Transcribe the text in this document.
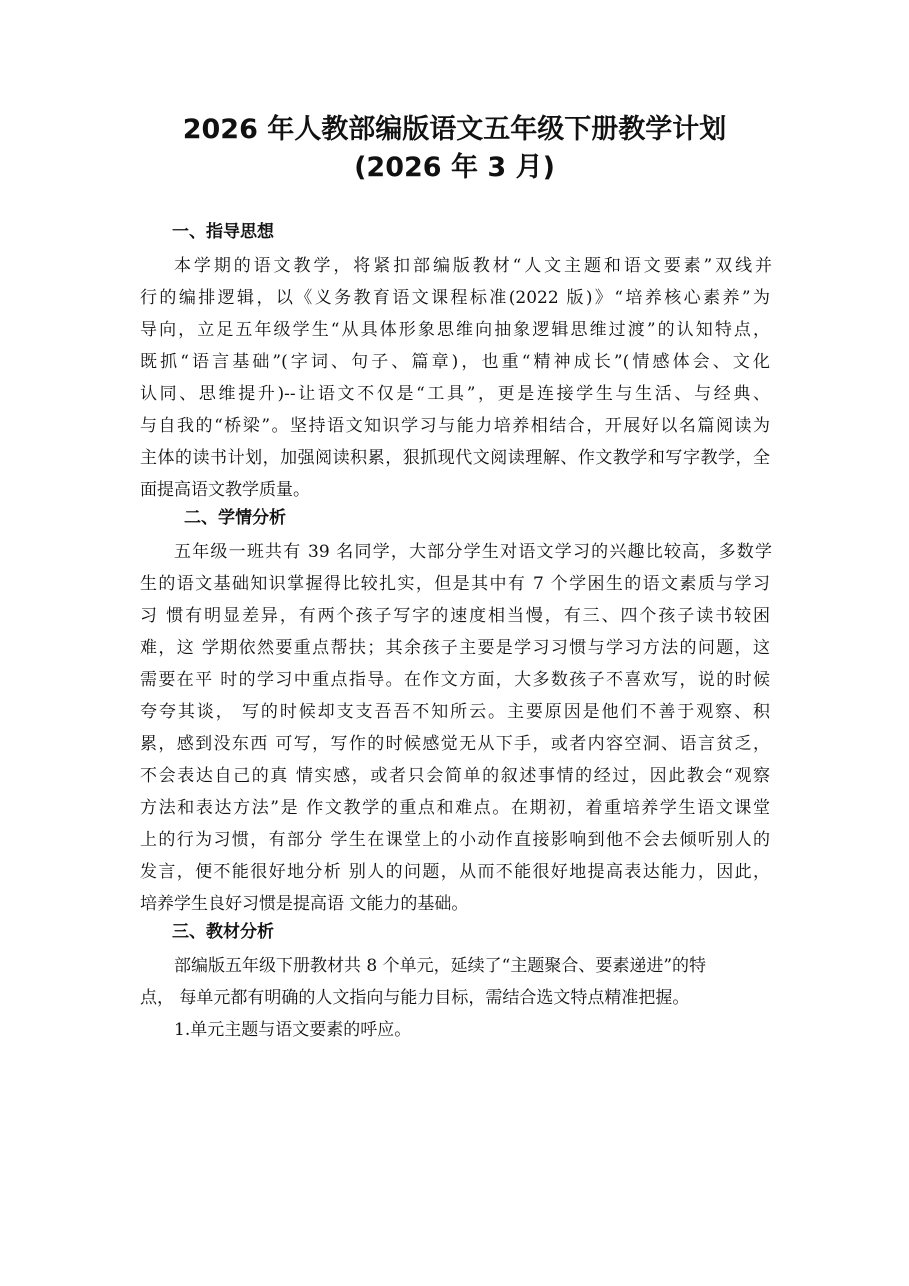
2026 年人教部编版语文五年级下册教学计划
(2026 年 3 月)
一、指导思想
本学期的语文教学，将紧扣部编版教材“人文主题和语文要素”双线并
行的编排逻辑，以《义务教育语文课程标准(2022 版)》“培养核心素养”为
导向，立足五年级学生“从具体形象思维向抽象逻辑思维过渡”的认知特点，
既抓“语言基础”(字词、句子、篇章)，也重“精神成长”(情感体会、文化
认同、思维提升)--让语文不仅是“工具”，更是连接学生与生活、与经典、
与自我的“桥梁”。坚持语文知识学习与能力培养相结合，开展好以名篇阅读为
主体的读书计划，加强阅读积累，狠抓现代文阅读理解、作文教学和写字教学，全
面提高语文教学质量。
二、学情分析
五年级一班共有 39 名同学，大部分学生对语文学习的兴趣比较高，多数学
生的语文基础知识掌握得比较扎实，但是其中有 7 个学困生的语文素质与学习
习 惯有明显差异，有两个孩子写字的速度相当慢，有三、四个孩子读书较困
难，这 学期依然要重点帮扶；其余孩子主要是学习习惯与学习方法的问题，这
需要在平 时的学习中重点指导。在作文方面，大多数孩子不喜欢写，说的时候
夸夸其谈， 写的时候却支支吾吾不知所云。主要原因是他们不善于观察、积
累，感到没东西 可写，写作的时候感觉无从下手，或者内容空洞、语言贫乏，
不会表达自己的真 情实感，或者只会简单的叙述事情的经过，因此教会“观察
方法和表达方法”是 作文教学的重点和难点。在期初，着重培养学生语文课堂
上的行为习惯，有部分 学生在课堂上的小动作直接影响到他不会去倾听别人的
发言，便不能很好地分析 别人的问题，从而不能很好地提高表达能力，因此，
培养学生良好习惯是提高语 文能力的基础。
三、教材分析
部编版五年级下册教材共 8 个单元，延续了“主题聚合、要素递进”的特
点， 每单元都有明确的人文指向与能力目标，需结合选文特点精准把握。
1.单元主题与语文要素的呼应。
